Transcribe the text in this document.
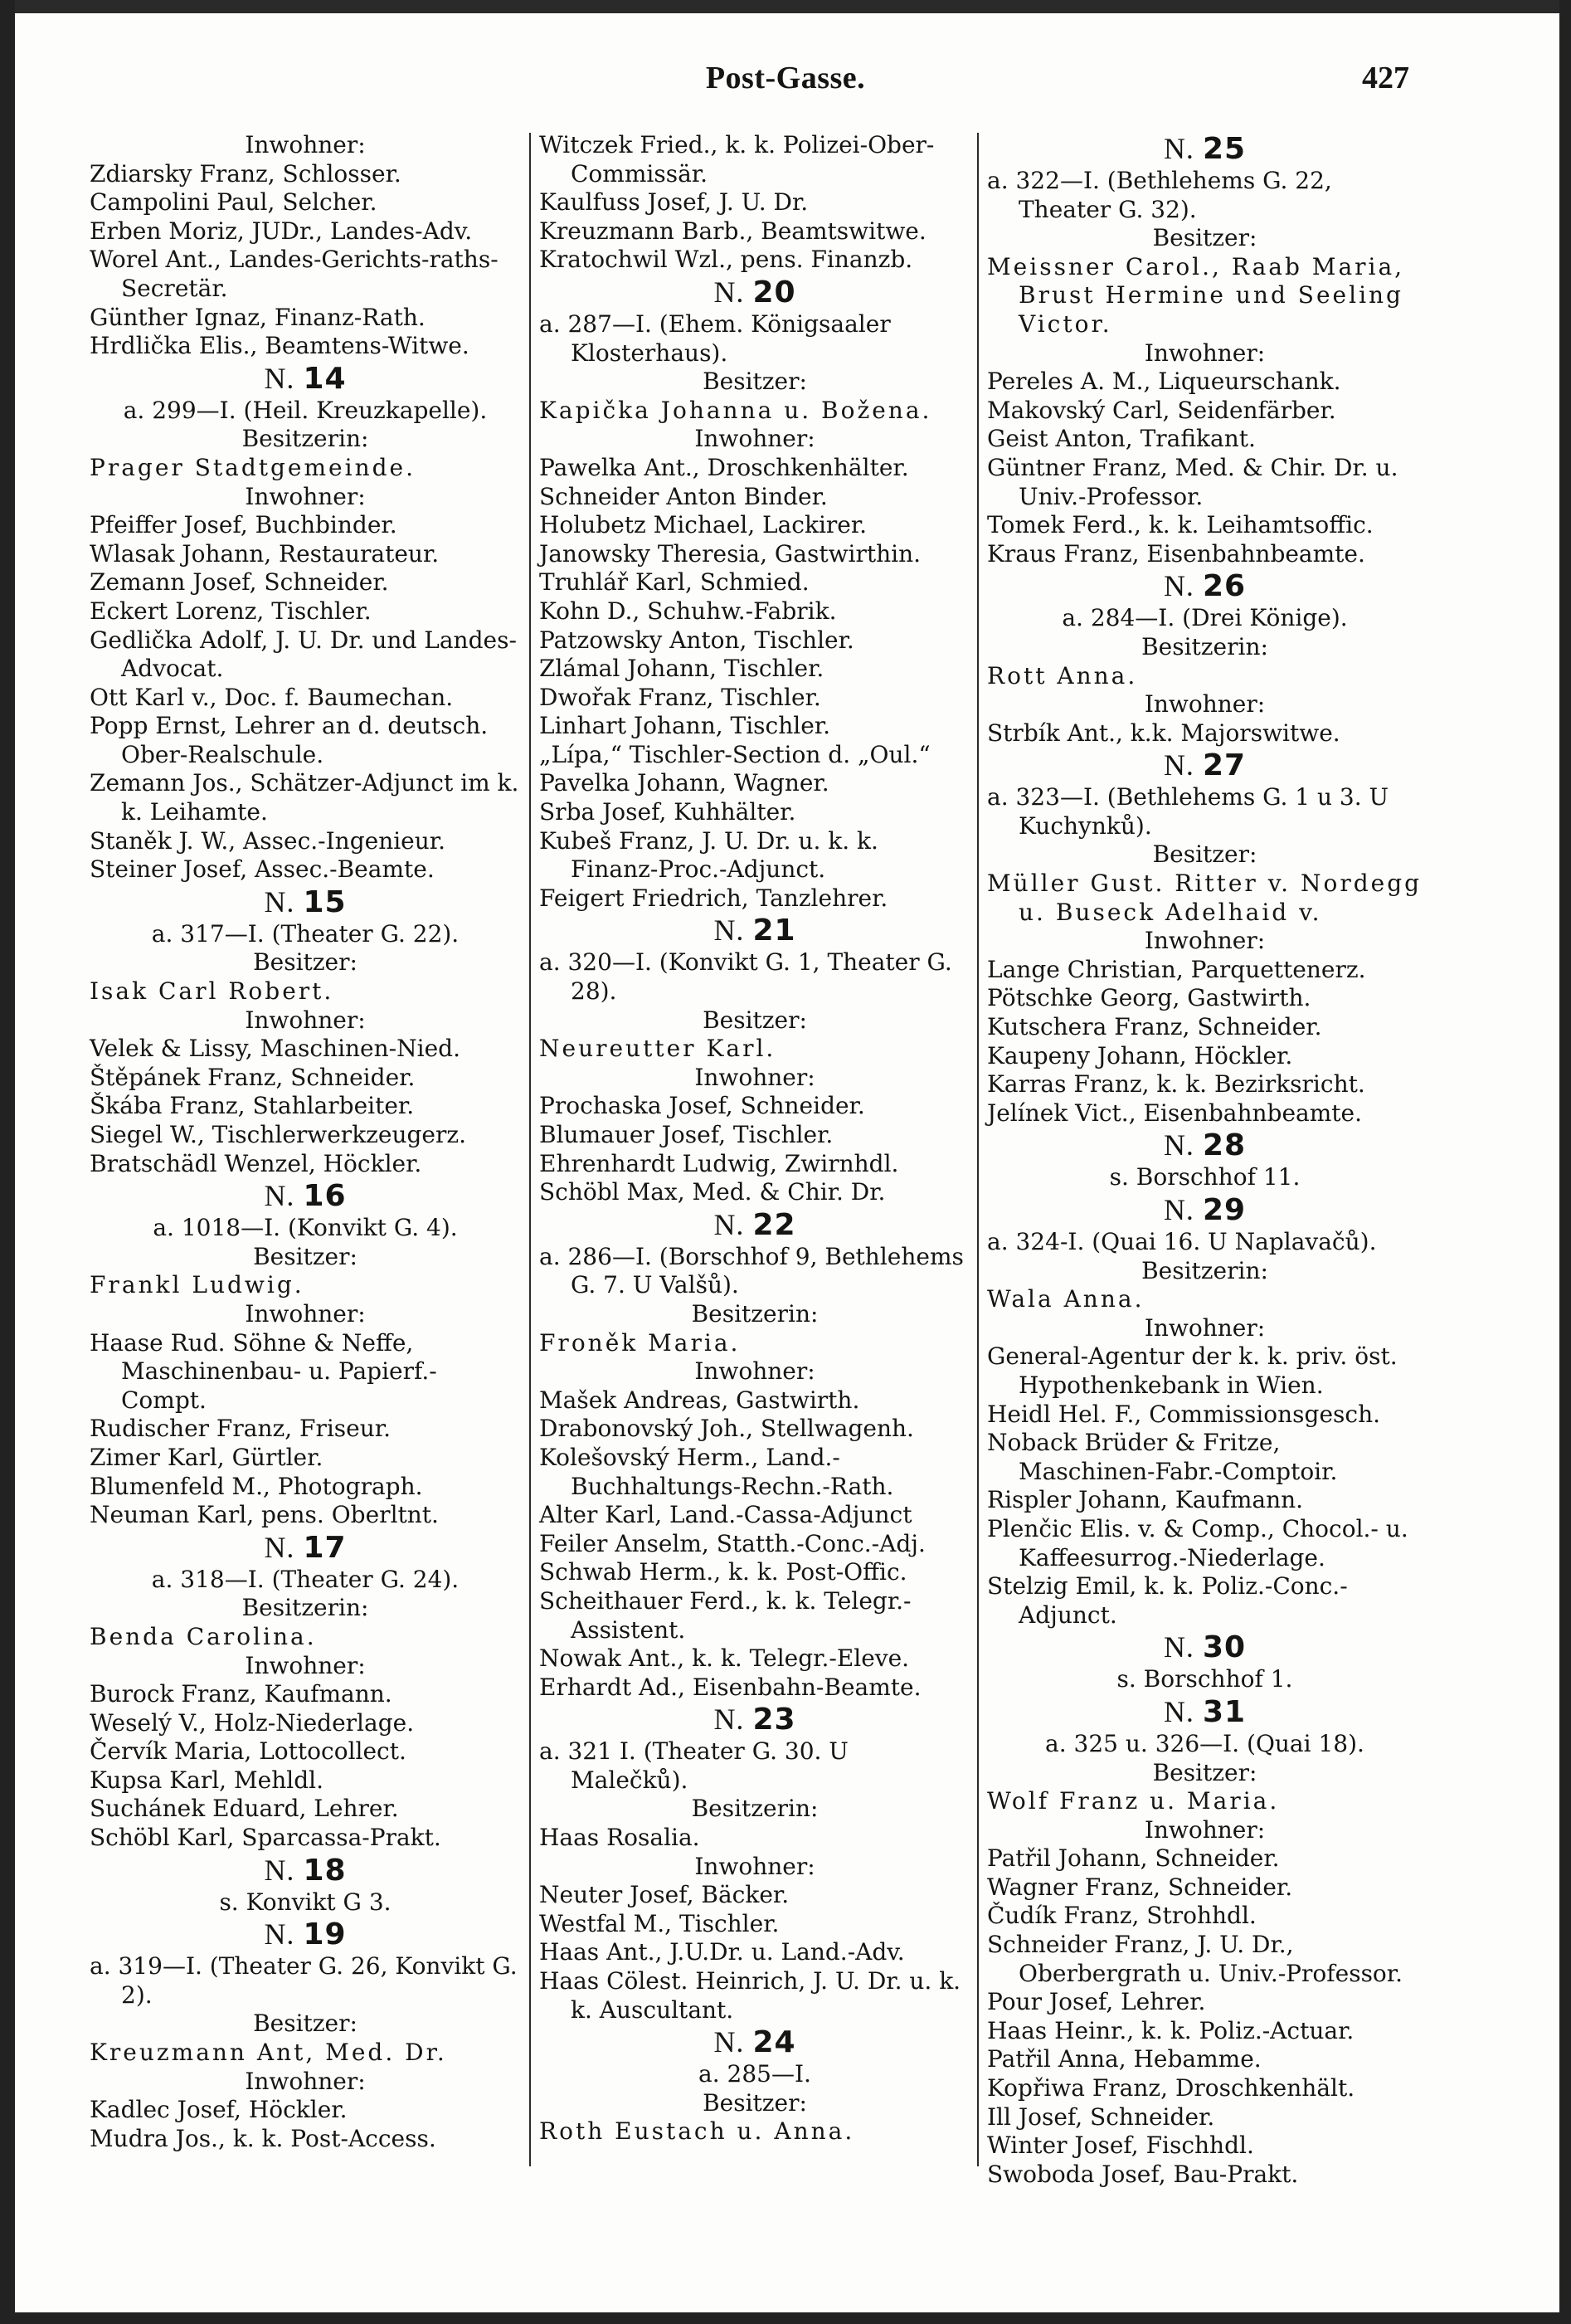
Post-Gasse.	427
Inwohner:
Zdiarsky Franz, Schlosser.
Campolini Paul, Selcher.
Erben Moriz, JUDr., Landes-Adv.
Worel Ant., Landes-Gerichts-raths-Secretär.
Günther Ignaz, Finanz-Rath.
Hrdlička Elis., Beamtens-Witwe.
N. 14
a. 299—I. (Heil. Kreuzkapelle).
Besitzerin:
Prager Stadtgemeinde.
Inwohner:
Pfeiffer Josef, Buchbinder.
Wlasak Johann, Restaurateur.
Zemann Josef, Schneider.
Eckert Lorenz, Tischler.
Gedlička Adolf, J. U. Dr. und Landes-Advocat.
Ott Karl v., Doc. f. Baumechan.
Popp Ernst, Lehrer an d. deutsch. Ober-Realschule.
Zemann Jos., Schätzer-Adjunct im k. k. Leihamte.
Staněk J. W., Assec.-Ingenieur.
Steiner Josef, Assec.-Beamte.
N. 15
a. 317—I. (Theater G. 22).
Besitzer:
Isak Carl Robert.
Inwohner:
Velek & Lissy, Maschinen-Nied.
Štěpánek Franz, Schneider.
Škába Franz, Stahlarbeiter.
Siegel W., Tischlerwerkzeugerz.
Bratschädl Wenzel, Höckler.
N. 16
a. 1018—I. (Konvikt G. 4).
Besitzer:
Frankl Ludwig.
Inwohner:
Haase Rud. Söhne & Neffe, Maschinenbau- u. Papierf.-Compt.
Rudischer Franz, Friseur.
Zimer Karl, Gürtler.
Blumenfeld M., Photograph.
Neuman Karl, pens. Oberltnt.
N. 17
a. 318—I. (Theater G. 24).
Besitzerin:
Benda Carolina.
Inwohner:
Burock Franz, Kaufmann.
Weselý V., Holz-Niederlage.
Červík Maria, Lottocollect.
Kupsa Karl, Mehldl.
Suchánek Eduard, Lehrer.
Schöbl Karl, Sparcassa-Prakt.
N. 18
s. Konvikt G 3.
N. 19
a. 319—I. (Theater G. 26, Konvikt G. 2).
Besitzer:
Kreuzmann Ant, Med. Dr.
Inwohner:
Kadlec Josef, Höckler.
Mudra Jos., k. k. Post-Access.
Witczek Fried., k. k. Polizei-Ober-Commissär.
Kaulfuss Josef, J. U. Dr.
Kreuzmann Barb., Beamtswitwe.
Kratochwil Wzl., pens. Finanzb.
N. 20
a. 287—I. (Ehem. Königsaaler Klosterhaus).
Besitzer:
Kapička Johanna u. Božena.
Inwohner:
Pawelka Ant., Droschkenhälter.
Schneider Anton Binder.
Holubetz Michael, Lackirer.
Janowsky Theresia, Gastwirthin.
Truhlář Karl, Schmied.
Kohn D., Schuhw.-Fabrik.
Patzowsky Anton, Tischler.
Zlámal Johann, Tischler.
Dwořak Franz, Tischler.
Linhart Johann, Tischler.
„Lípa,“ Tischler-Section d. „Oul.“
Pavelka Johann, Wagner.
Srba Josef, Kuhhälter.
Kubeš Franz, J. U. Dr. u. k. k. Finanz-Proc.-Adjunct.
Feigert Friedrich, Tanzlehrer.
N. 21
a. 320—I. (Konvikt G. 1, Theater G. 28).
Besitzer:
Neureutter Karl.
Inwohner:
Prochaska Josef, Schneider.
Blumauer Josef, Tischler.
Ehrenhardt Ludwig, Zwirnhdl.
Schöbl Max, Med. & Chir. Dr.
N. 22
a. 286—I. (Borschhof 9, Bethlehems G. 7. U Valšů).
Besitzerin:
Froněk Maria.
Inwohner:
Mašek Andreas, Gastwirth.
Drabonovský Joh., Stellwagenh.
Kolešovský Herm., Land.-Buchhaltungs-Rechn.-Rath.
Alter Karl, Land.-Cassa-Adjunct
Feiler Anselm, Statth.-Conc.-Adj.
Schwab Herm., k. k. Post-Offic.
Scheithauer Ferd., k. k. Telegr.-Assistent.
Nowak Ant., k. k. Telegr.-Eleve.
Erhardt Ad., Eisenbahn-Beamte.
N. 23
a. 321 I. (Theater G. 30. U Malečků).
Besitzerin:
Haas Rosalia.
Inwohner:
Neuter Josef, Bäcker.
Westfal M., Tischler.
Haas Ant., J.U.Dr. u. Land.-Adv.
Haas Cölest. Heinrich, J. U. Dr. u. k. k. Auscultant.
N. 24
a. 285—I.
Besitzer:
Roth Eustach u. Anna.
N. 25
a. 322—I. (Bethlehems G. 22, Theater G. 32).
Besitzer:
Meissner Carol., Raab Maria, Brust Hermine und Seeling Victor.
Inwohner:
Pereles A. M., Liqueurschank.
Makovský Carl, Seidenfärber.
Geist Anton, Trafikant.
Güntner Franz, Med. & Chir. Dr. u. Univ.-Professor.
Tomek Ferd., k. k. Leihamtsoffic.
Kraus Franz, Eisenbahnbeamte.
N. 26
a. 284—I. (Drei Könige).
Besitzerin:
Rott Anna.
Inwohner:
Strbík Ant., k.k. Majorswitwe.
N. 27
a. 323—I. (Bethlehems G. 1 u 3. U Kuchynků).
Besitzer:
Müller Gust. Ritter v. Nordegg u. Buseck Adelhaid v.
Inwohner:
Lange Christian, Parquettenerz.
Pötschke Georg, Gastwirth.
Kutschera Franz, Schneider.
Kaupeny Johann, Höckler.
Karras Franz, k. k. Bezirksricht.
Jelínek Vict., Eisenbahnbeamte.
N. 28
s. Borschhof 11.
N. 29
a. 324-I. (Quai 16. U Naplavačů).
Besitzerin:
Wala Anna.
Inwohner:
General-Agentur der k. k. priv. öst. Hypothenkebank in Wien.
Heidl Hel. F., Commissionsgesch.
Noback Brüder & Fritze, Maschinen-Fabr.-Comptoir.
Rispler Johann, Kaufmann.
Plenčic Elis. v. & Comp., Chocol.- u. Kaffeesurrog.-Niederlage.
Stelzig Emil, k. k. Poliz.-Conc.-Adjunct.
N. 30
s. Borschhof 1.
N. 31
a. 325 u. 326—I. (Quai 18).
Besitzer:
Wolf Franz u. Maria.
Inwohner:
Patřil Johann, Schneider.
Wagner Franz, Schneider.
Čudík Franz, Strohhdl.
Schneider Franz, J. U. Dr., Oberbergrath u. Univ.-Professor.
Pour Josef, Lehrer.
Haas Heinr., k. k. Poliz.-Actuar.
Patřil Anna, Hebamme.
Kopřiwa Franz, Droschkenhält.
Ill Josef, Schneider.
Winter Josef, Fischhdl.
Swoboda Josef, Bau-Prakt.
